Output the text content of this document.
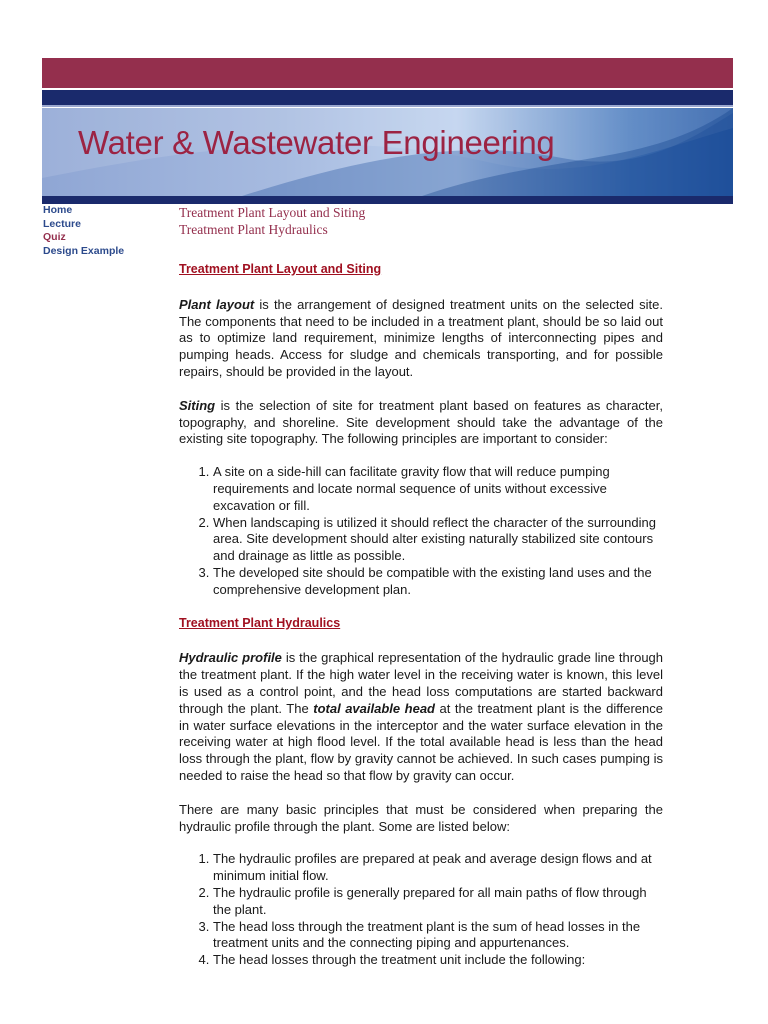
Water & Wastewater Engineering
Home
Lecture
Quiz
Design Example
Treatment Plant Layout and Siting
Treatment Plant Hydraulics
Treatment Plant Layout and Siting

Plant layout is the arrangement of designed treatment units on the selected site. The components that need to be included in a treatment plant, should be so laid out as to optimize land requirement, minimize lengths of interconnecting pipes and pumping heads. Access for sludge and chemicals transporting, and for possible repairs, should be provided in the layout.

Siting is the selection of site for treatment plant based on features as character, topography, and shoreline. Site development should take the advantage of the existing site topography. The following principles are important to consider:

1. A site on a side-hill can facilitate gravity flow that will reduce pumping requirements and locate normal sequence of units without excessive excavation or fill.
2. When landscaping is utilized it should reflect the character of the surrounding area. Site development should alter existing naturally stabilized site contours and drainage as little as possible.
3. The developed site should be compatible with the existing land uses and the comprehensive development plan.
Treatment Plant Hydraulics

Hydraulic profile is the graphical representation of the hydraulic grade line through the treatment plant. If the high water level in the receiving water is known, this level is used as a control point, and the head loss computations are started backward through the plant. The total available head at the treatment plant is the difference in water surface elevations in the interceptor and the water surface elevation in the receiving water at high flood level. If the total available head is less than the head loss through the plant, flow by gravity cannot be achieved. In such cases pumping is needed to raise the head so that flow by gravity can occur.

There are many basic principles that must be considered when preparing the hydraulic profile through the plant. Some are listed below:

1. The hydraulic profiles are prepared at peak and average design flows and at minimum initial flow.
2. The hydraulic profile is generally prepared for all main paths of flow through the plant.
3. The head loss through the treatment plant is the sum of head losses in the treatment units and the connecting piping and appurtenances.
4. The head losses through the treatment unit include the following:
